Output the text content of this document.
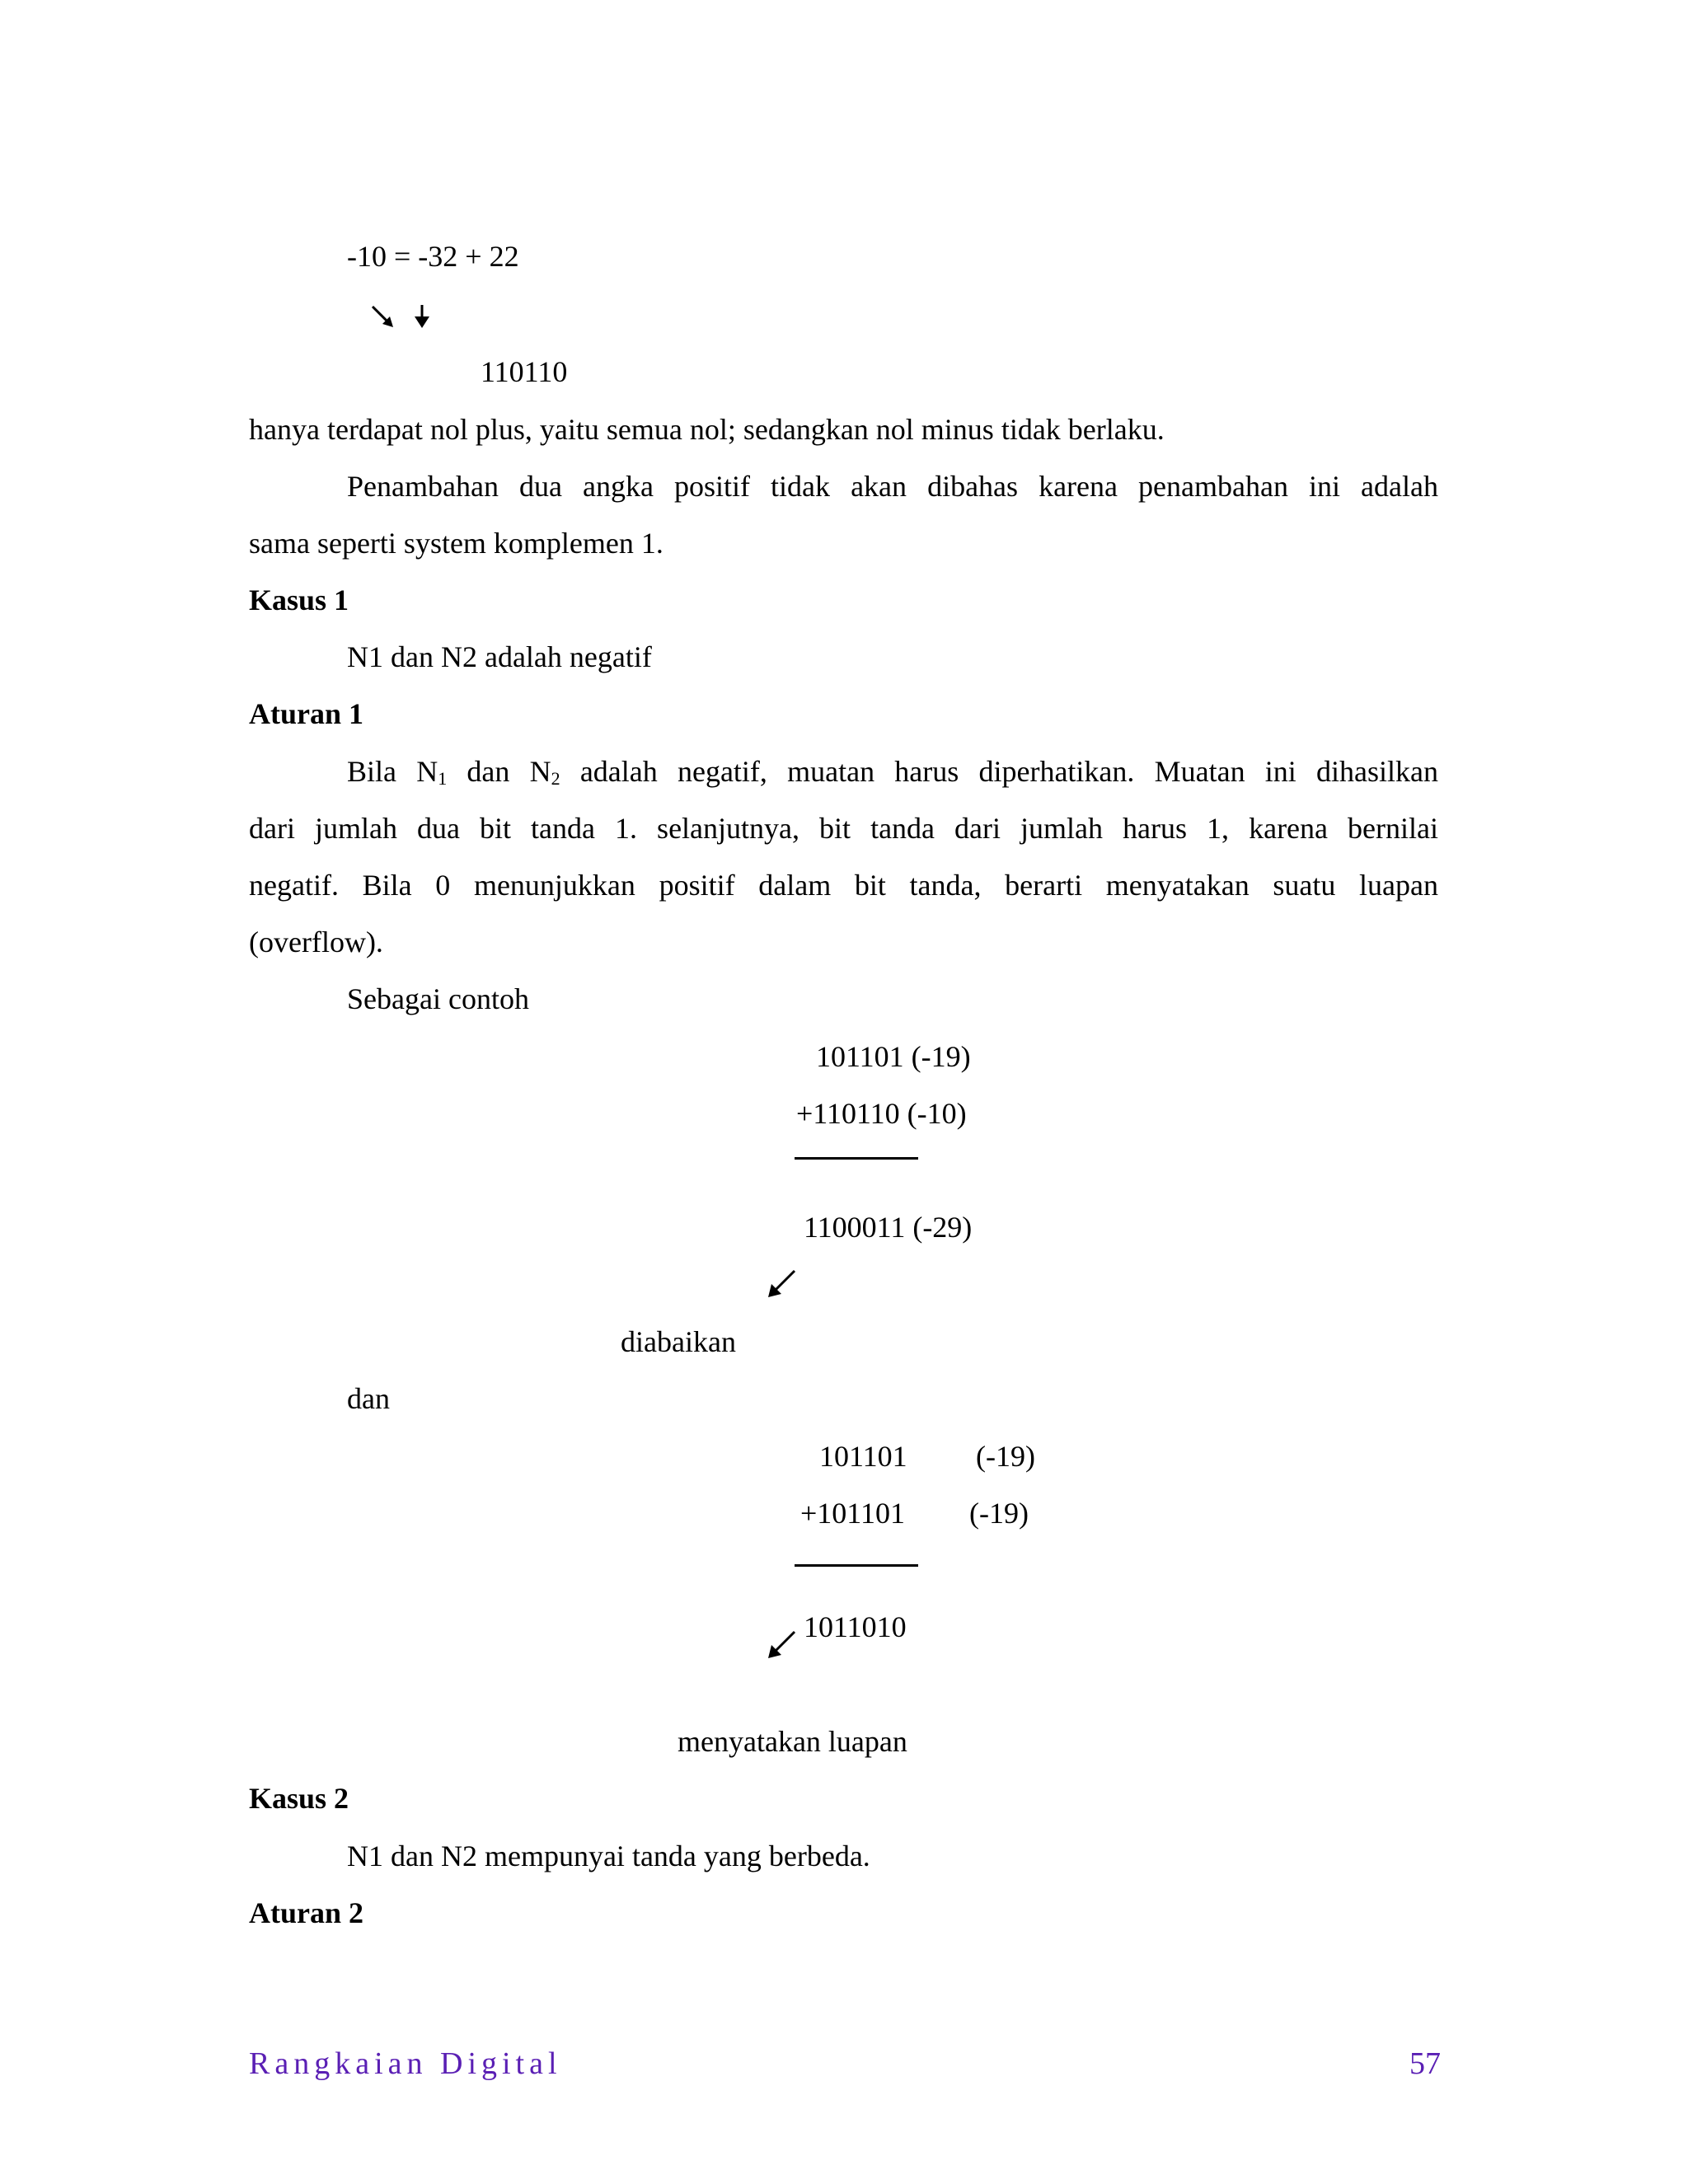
-10 = -32 + 22
110110
hanya terdapat nol plus, yaitu semua nol; sedangkan nol minus tidak berlaku.
Penambahan dua angka positif tidak akan dibahas karena penambahan ini adalah
sama seperti system komplemen 1.
Kasus 1
N1 dan N2 adalah negatif
Aturan 1
Bila N1 dan N2 adalah negatif, muatan harus diperhatikan. Muatan ini dihasilkan
dari jumlah dua bit tanda 1. selanjutnya, bit tanda dari jumlah harus 1, karena bernilai
negatif. Bila 0 menunjukkan positif dalam bit tanda, berarti menyatakan suatu luapan
(overflow).
Sebagai contoh
101101 (-19)
+110110 (-10)
1100011 (-29)
diabaikan
dan
101101 (-19)
+101101 (-19)
1011010
menyatakan luapan
Kasus 2
N1 dan N2 mempunyai tanda yang berbeda.
Aturan 2
Rangkaian Digital	57
